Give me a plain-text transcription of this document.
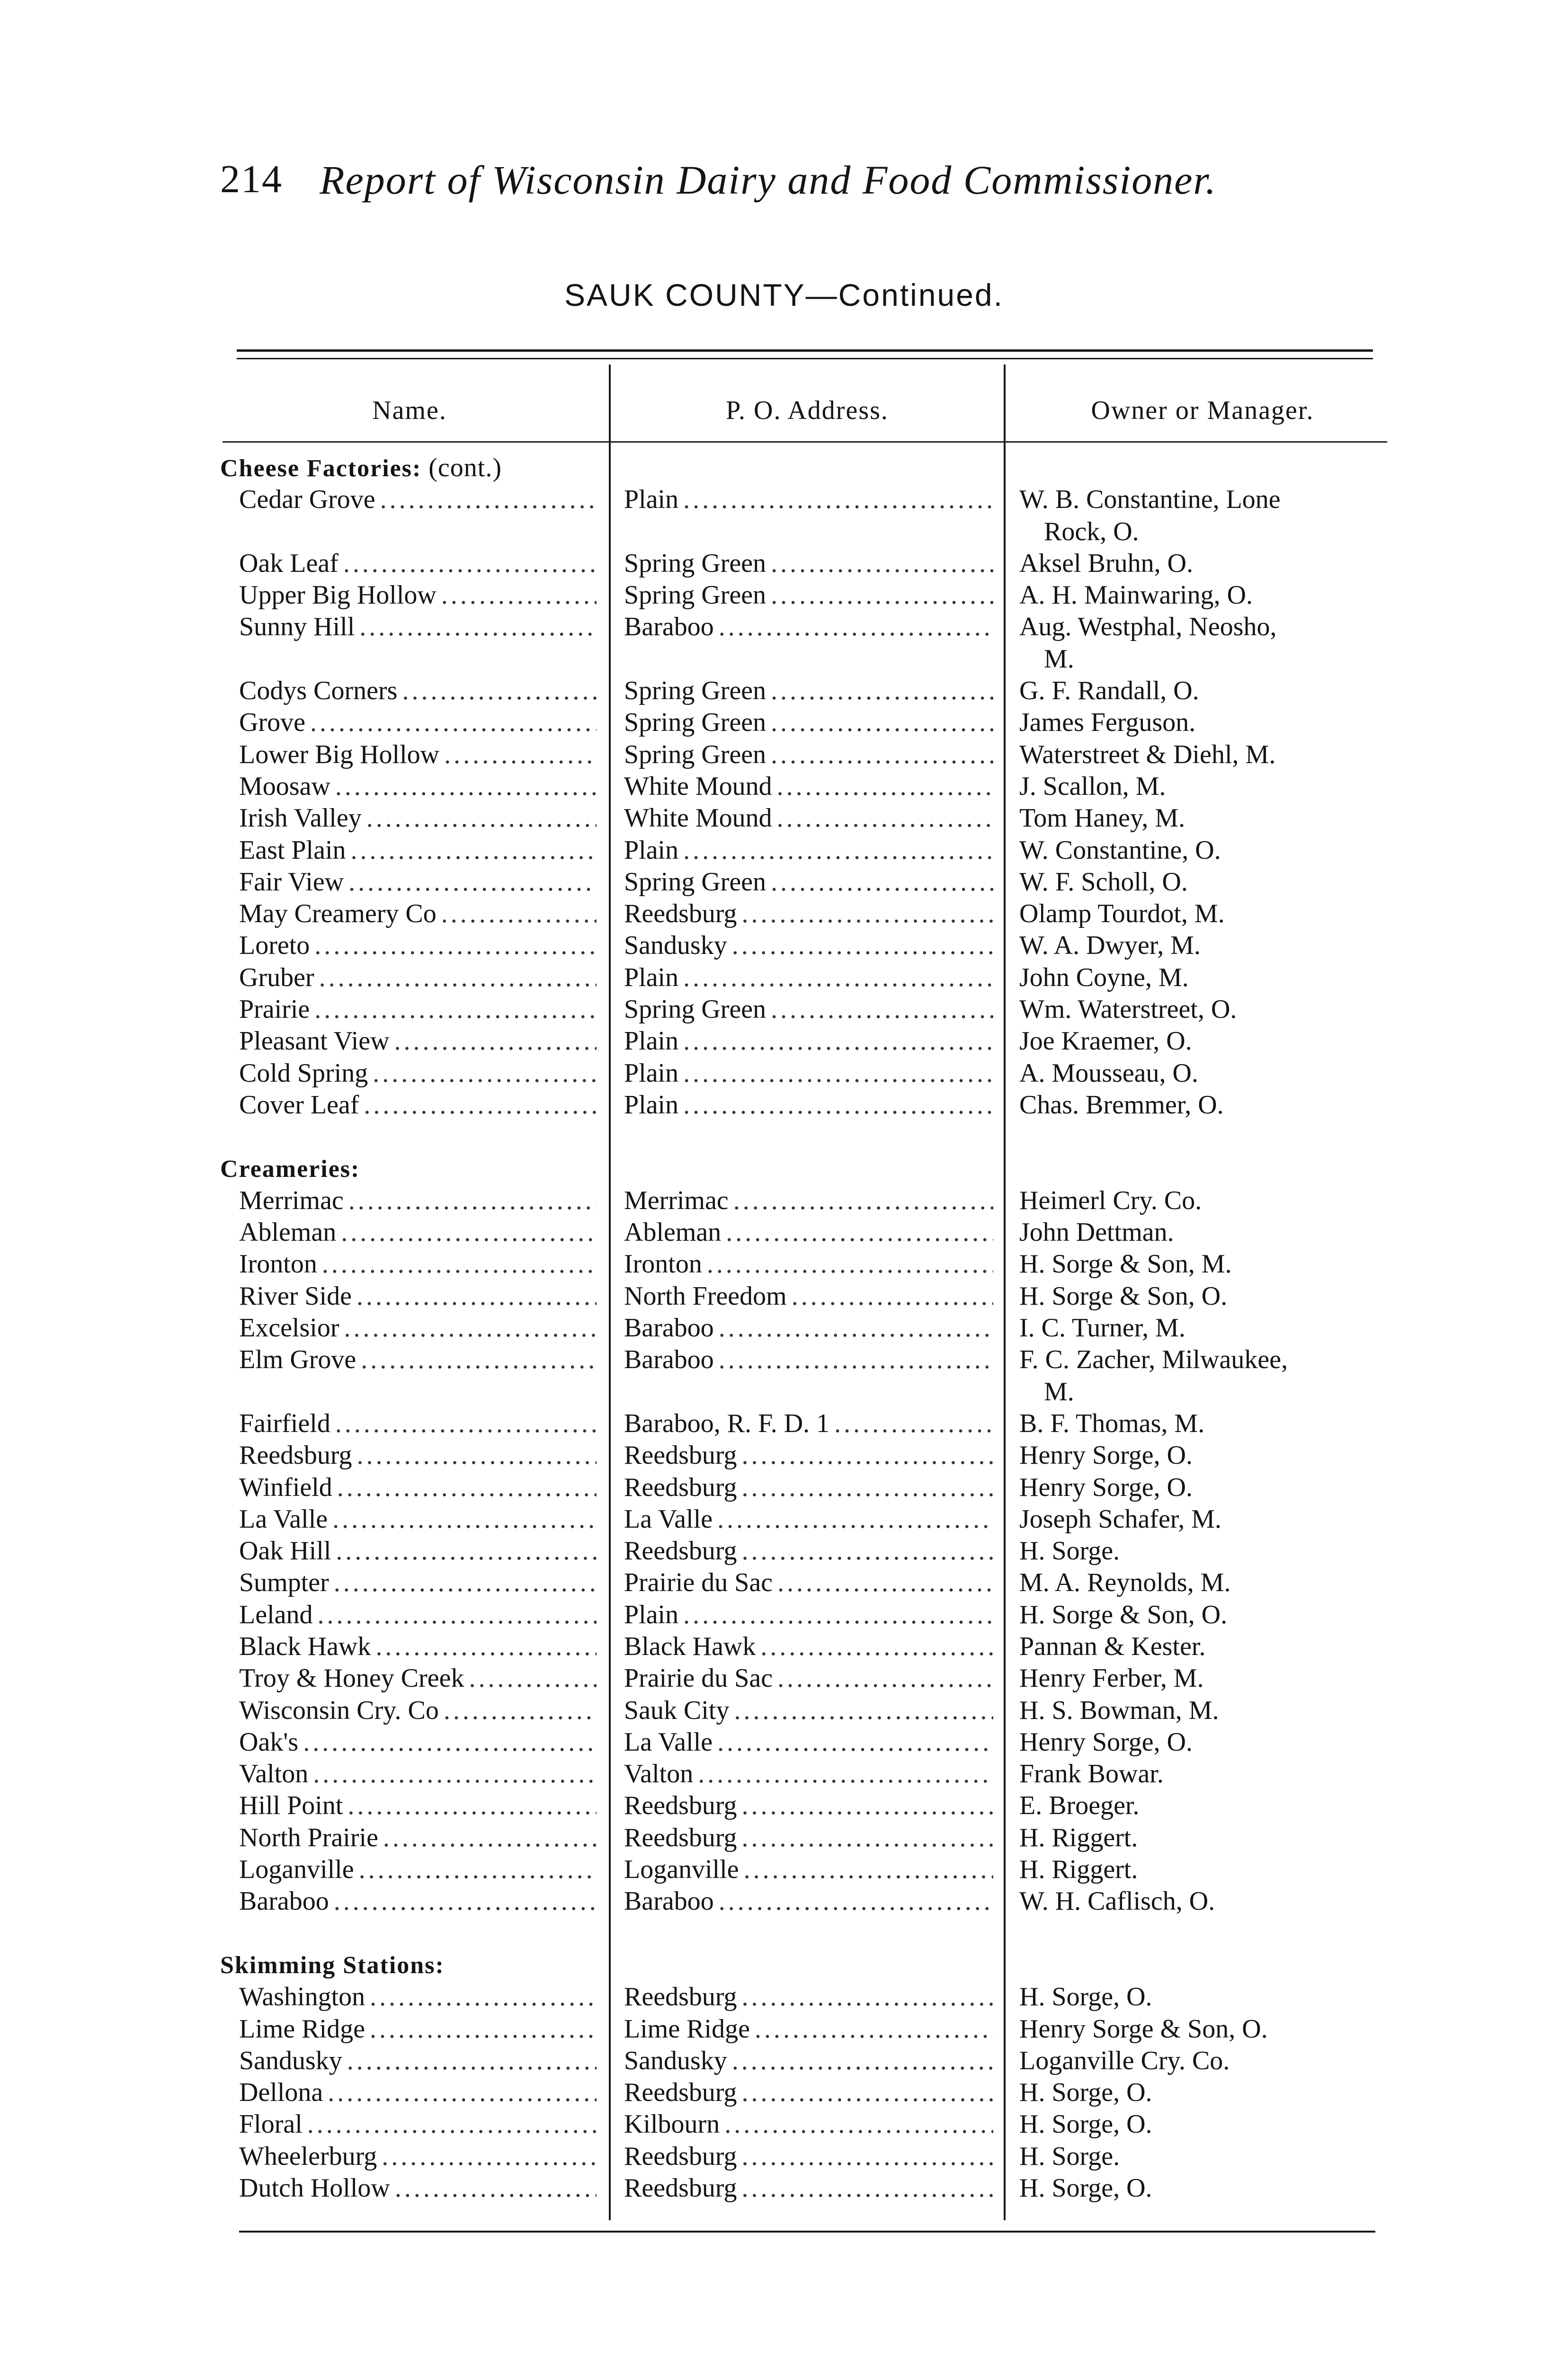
214 Report of Wisconsin Dairy and Food Commissioner.
SAUK COUNTY—Continued.
Name.	P. O. Address.	Owner or Manager.
Cheese Factories: (cont.)
Cedar Grove .....	Plain .....	W. B. Constantine, Lone
Rock, O.
Oak Leaf .....	Spring Green .....	Aksel Bruhn, O.
Upper Big Hollow .....	Spring Green .....	A. H. Mainwaring, O.
Sunny Hill .....	Baraboo .....	Aug. Westphal, Neosho,
M.
Codys Corners .....	Spring Green .....	G. F. Randall, O.
Grove .....	Spring Green .....	James Ferguson.
Lower Big Hollow .....	Spring Green .....	Waterstreet & Diehl, M.
Moosaw .....	White Mound .....	J. Scallon, M.
Irish Valley .....	White Mound .....	Tom Haney, M.
East Plain .....	Plain .....	W. Constantine, O.
Fair View .....	Spring Green .....	W. F. Scholl, O.
May Creamery Co .....	Reedsburg .....	Olamp Tourdot, M.
Loreto .....	Sandusky .....	W. A. Dwyer, M.
Gruber .....	Plain .....	John Coyne, M.
Prairie .....	Spring Green .....	Wm. Waterstreet, O.
Pleasant View .....	Plain .....	Joe Kraemer, O.
Cold Spring .....	Plain .....	A. Mousseau, O.
Cover Leaf .....	Plain .....	Chas. Bremmer, O.
Creameries:
Merrimac .....	Merrimac .....	Heimerl Cry. Co.
Ableman .....	Ableman .....	John Dettman.
Ironton .....	Ironton .....	H. Sorge & Son, M.
River Side .....	North Freedom .....	H. Sorge & Son, O.
Excelsior .....	Baraboo .....	I. C. Turner, M.
Elm Grove .....	Baraboo .....	F. C. Zacher, Milwaukee,
M.
Fairfield .....	Baraboo, R. F. D. 1 .....	B. F. Thomas, M.
Reedsburg .....	Reedsburg .....	Henry Sorge, O.
Winfield .....	Reedsburg .....	Henry Sorge, O.
La Valle .....	La Valle .....	Joseph Schafer, M.
Oak Hill .....	Reedsburg .....	H. Sorge.
Sumpter .....	Prairie du Sac .....	M. A. Reynolds, M.
Leland .....	Plain .....	H. Sorge & Son, O.
Black Hawk .....	Black Hawk .....	Pannan & Kester.
Troy & Honey Creek .....	Prairie du Sac .....	Henry Ferber, M.
Wisconsin Cry. Co .....	Sauk City .....	H. S. Bowman, M.
Oak's .....	La Valle .....	Henry Sorge, O.
Valton .....	Valton .....	Frank Bowar.
Hill Point .....	Reedsburg .....	E. Broeger.
North Prairie .....	Reedsburg .....	H. Riggert.
Loganville .....	Loganville .....	H. Riggert.
Baraboo .....	Baraboo .....	W. H. Caflisch, O.
Skimming Stations:
Washington .....	Reedsburg .....	H. Sorge, O.
Lime Ridge .....	Lime Ridge .....	Henry Sorge & Son, O.
Sandusky .....	Sandusky .....	Loganville Cry. Co.
Dellona .....	Reedsburg .....	H. Sorge, O.
Floral .....	Kilbourn .....	H. Sorge, O.
Wheelerburg .....	Reedsburg .....	H. Sorge.
Dutch Hollow .....	Reedsburg .....	H. Sorge, O.
